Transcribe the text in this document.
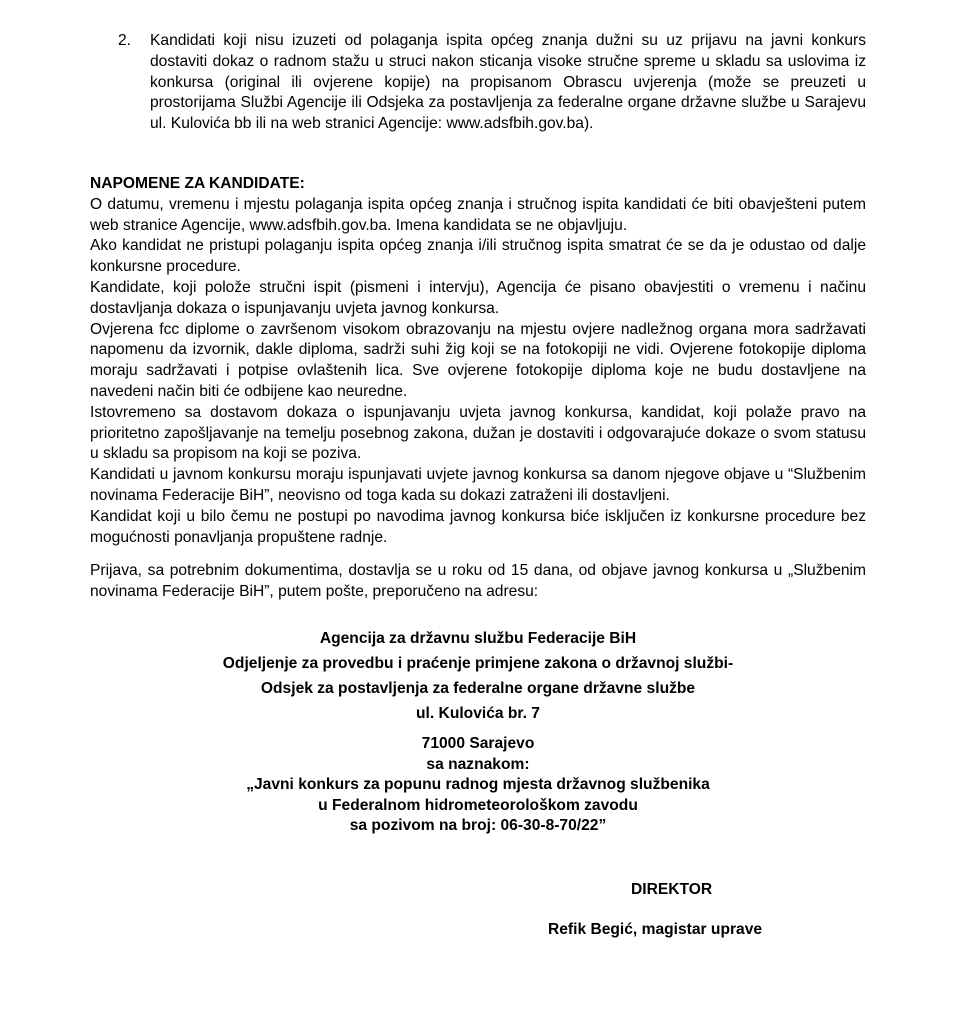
2.	Kandidati koji nisu izuzeti od polaganja ispita općeg znanja dužni su uz prijavu na javni konkurs dostaviti dokaz o radnom stažu u struci nakon sticanja visoke stručne spreme u skladu sa uslovima iz konkursa (original ili ovjerene kopije) na propisanom Obrascu uvjerenja (može se preuzeti u prostorijama Službi Agencije ili Odsjeka za postavljenja za federalne organe državne službe u Sarajevu ul. Kulovića bb ili na web stranici Agencije: www.adsfbih.gov.ba).

NAPOMENE ZA KANDIDATE:

O datumu, vremenu i mjestu polaganja ispita općeg znanja i stručnog ispita kandidati će biti obavješteni putem web stranice Agencije, www.adsfbih.gov.ba. Imena kandidata se ne objavljuju.

Ako kandidat ne pristupi polaganju ispita općeg znanja i/ili stručnog ispita smatrat će se da je odustao od dalje konkursne procedure.

Kandidate, koji polože stručni ispit (pismeni i intervju), Agencija će pisano obavjestiti o vremenu i načinu dostavljanja dokaza o ispunjavanju uvjeta javnog konkursa.

Ovjerena fcc diplome o završenom visokom obrazovanju na mjestu ovjere nadležnog organa mora sadržavati napomenu da izvornik, dakle diploma, sadrži suhi žig koji se na fotokopiji ne vidi. Ovjerene fotokopije diploma moraju sadržavati i potpise ovlaštenih lica. Sve ovjerene fotokopije diploma koje ne budu dostavljene na navedeni način biti će odbijene kao neuredne.

Istovremeno sa dostavom dokaza o ispunjavanju uvjeta javnog konkursa, kandidat, koji polaže pravo na prioritetno zapošljavanje na temelju posebnog zakona, dužan je dostaviti i odgovarajuće dokaze o svom statusu u skladu sa propisom na koji se poziva.

Kandidati u javnom konkursu moraju ispunjavati uvjete javnog konkursa sa danom njegove objave u “Službenim novinama Federacije BiH”, neovisno od toga kada su dokazi zatraženi ili dostavljeni.

Kandidat koji u bilo čemu ne postupi po navodima javnog konkursa biće isključen iz konkursne procedure bez mogućnosti ponavljanja propuštene radnje.

Prijava, sa potrebnim dokumentima, dostavlja se u roku od 15 dana, od objave javnog konkursa u „Službenim novinama Federacije BiH”, putem pošte, preporučeno na adresu:

Agencija za državnu službu Federacije BiH
Odjeljenje za provedbu i praćenje primjene zakona o državnoj službi-
Odsjek za postavljenja za federalne organe državne službe
ul. Kulovića br. 7
71000 Sarajevo
sa naznakom:
„Javni konkurs za popunu radnog mjesta državnog službenika
u Federalnom hidrometeorološkom zavodu
sa pozivom na broj: 06-30-8-70/22”
DIREKTOR
Refik Begić, magistar uprave
